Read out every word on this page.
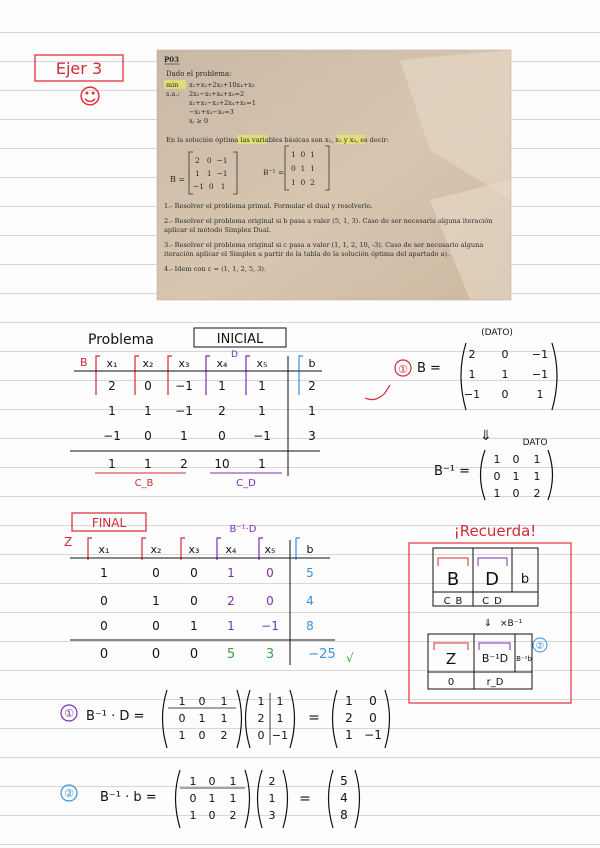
Ejer 3
☺
P03
Dado el problema:
min x₁+x₂+2x₃+10x₄+x₅
s.a.: 2x₂−x₃+x₄+x₅=2
x₁+x₂−x₃+2x₄+x₅=1
−x₁+x₃−x₅=3
xⱼ ≥ 0
En la solución óptima las variables básicas son x₁, x₂ y x₃, es decir:
B =
2   0  −1
1   1  −1
−1  0   1
B⁻¹ =
1  0  1
0  1  1
1  0  2
1.- Resolver el problema primal. Formular el dual y resolverlo.
2.- Resolver el problema original si b pasa a valer (5, 1, 3). Caso de ser necesaria alguna iteración aplicar el método Simplex Dual.
3.- Resolver el problema original si c pasa a valer (1, 1, 2, 10, -3). Caso de ser necesario alguna iteración aplicar el Simplex a partir de la tabla de la solución óptima del apartado a).
4.- Idem con c = (1, 1, 2, 5, 3).
Problema	INICIAL
B
D
x₁ x₂ x₃ x₄	x₅	b
2 0 −1 1	1	2
1 1 −1 2	1	1
−1 0 1	0 −1	3
1 1 2 10 1
C_B	C_D
(DATO)
① B =
2 0 −1
1 1 −1
−1 0	1
⇓	DATO
B⁻¹ =
1 0 1
0 1 1
1 0 2
FINAL	B⁻¹·D
Z
x₁	x₂ x₃ x₄	x₅	b
1	0	0 1	0	5
0	1	0 2	0	4
0	0	1 1 −1 8
0	0 0 5 3	−25 √
¡Recuerda!
B D b
C_B C_D
⇓ ×B⁻¹
②
Z B⁻¹D B⁻¹b
0	r_D
① B⁻¹ · D =
1 0 1
0 1 1
1 0 2
1 1
2 1
0 −1
=
1 0
2 0
1 −1
② B⁻¹ · b =
1 0 1
0 1 1
1 0 2
2
1
3
=
5
4
8
